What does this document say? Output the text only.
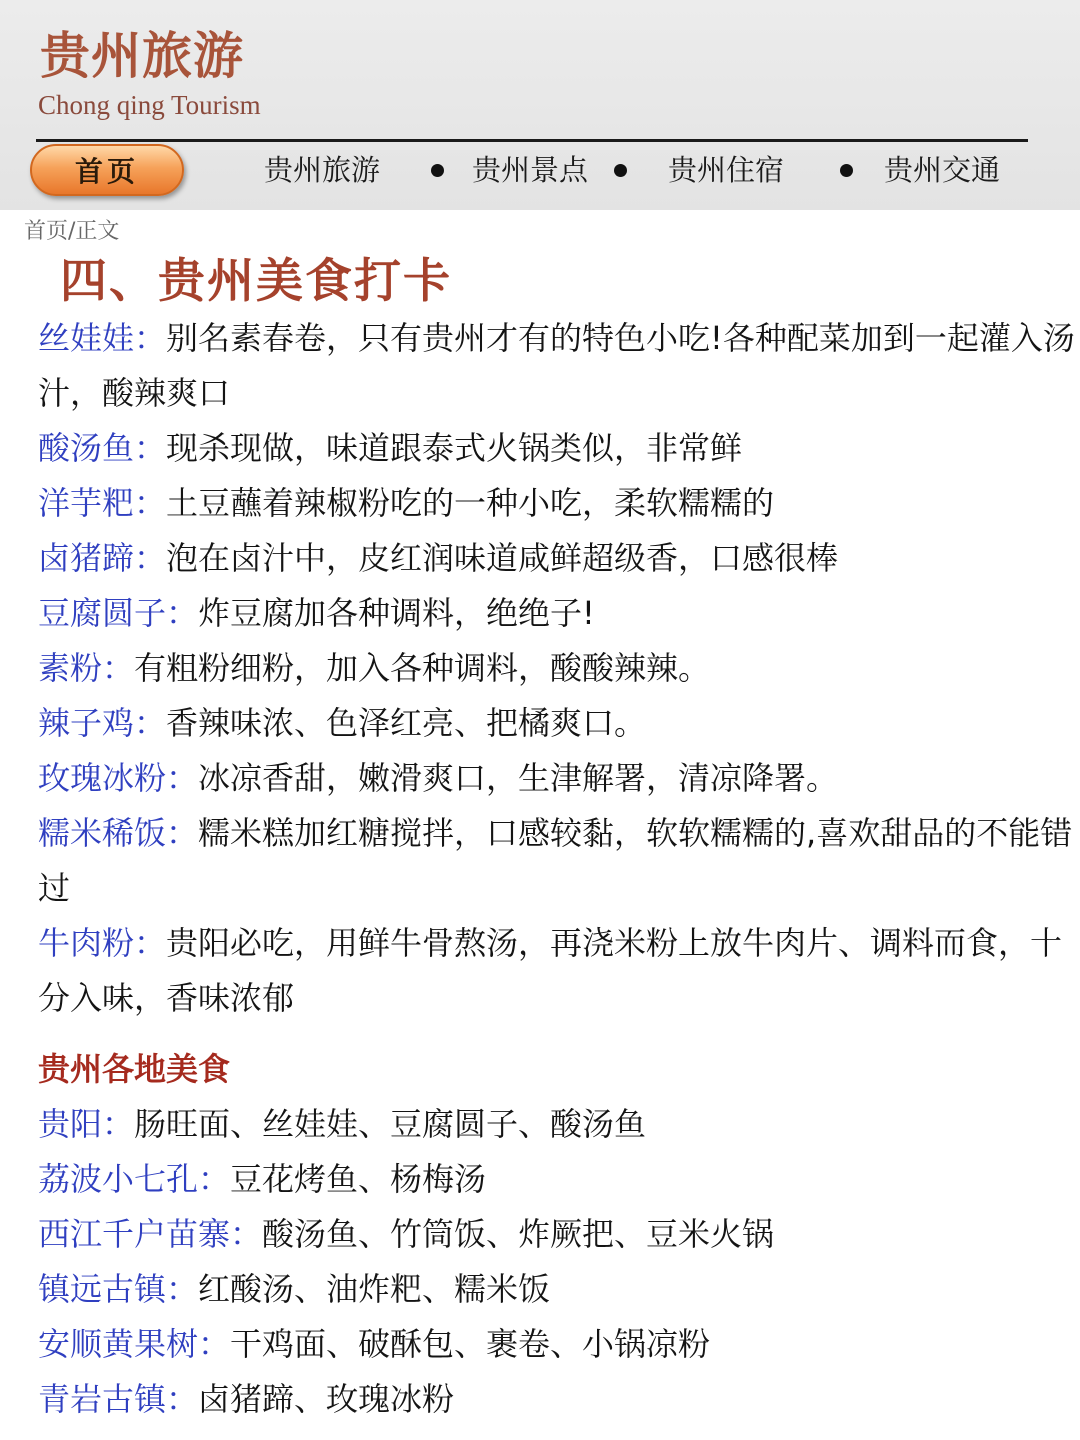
贵州旅游
Chong qing Tourism
首页	贵州旅游	贵州景点	贵州住宿	贵州交通
首页/正文
四、贵州美食打卡
丝娃娃：别名素春卷，只有贵州才有的特色小吃!各种配菜加到一起灌入汤汁，酸辣爽口
酸汤鱼：现杀现做，味道跟泰式火锅类似，非常鲜
洋芋粑：土豆蘸着辣椒粉吃的一种小吃，柔软糯糯的
卤猪蹄：泡在卤汁中，皮红润味道咸鲜超级香，口感很棒
豆腐圆子：炸豆腐加各种调料，绝绝子!
素粉：有粗粉细粉，加入各种调料，酸酸辣辣。
辣子鸡：香辣味浓、色泽红亮、把橘爽口。
玫瑰冰粉：冰凉香甜，嫩滑爽口，生津解署，清凉降署。
糯米稀饭：糯米糕加红糖搅拌，口感较黏，软软糯糯的,喜欢甜品的不能错过
牛肉粉：贵阳必吃，用鲜牛骨熬汤，再浇米粉上放牛肉片、调料而食，十分入味，香味浓郁
贵州各地美食
贵阳：肠旺面、丝娃娃、豆腐圆子、酸汤鱼
荔波小七孔：豆花烤鱼、杨梅汤
西江千户苗寨：酸汤鱼、竹筒饭、炸厥把、豆米火锅
镇远古镇：红酸汤、油炸粑、糯米饭
安顺黄果树：干鸡面、破酥包、裹卷、小锅凉粉
青岩古镇：卤猪蹄、玫瑰冰粉
